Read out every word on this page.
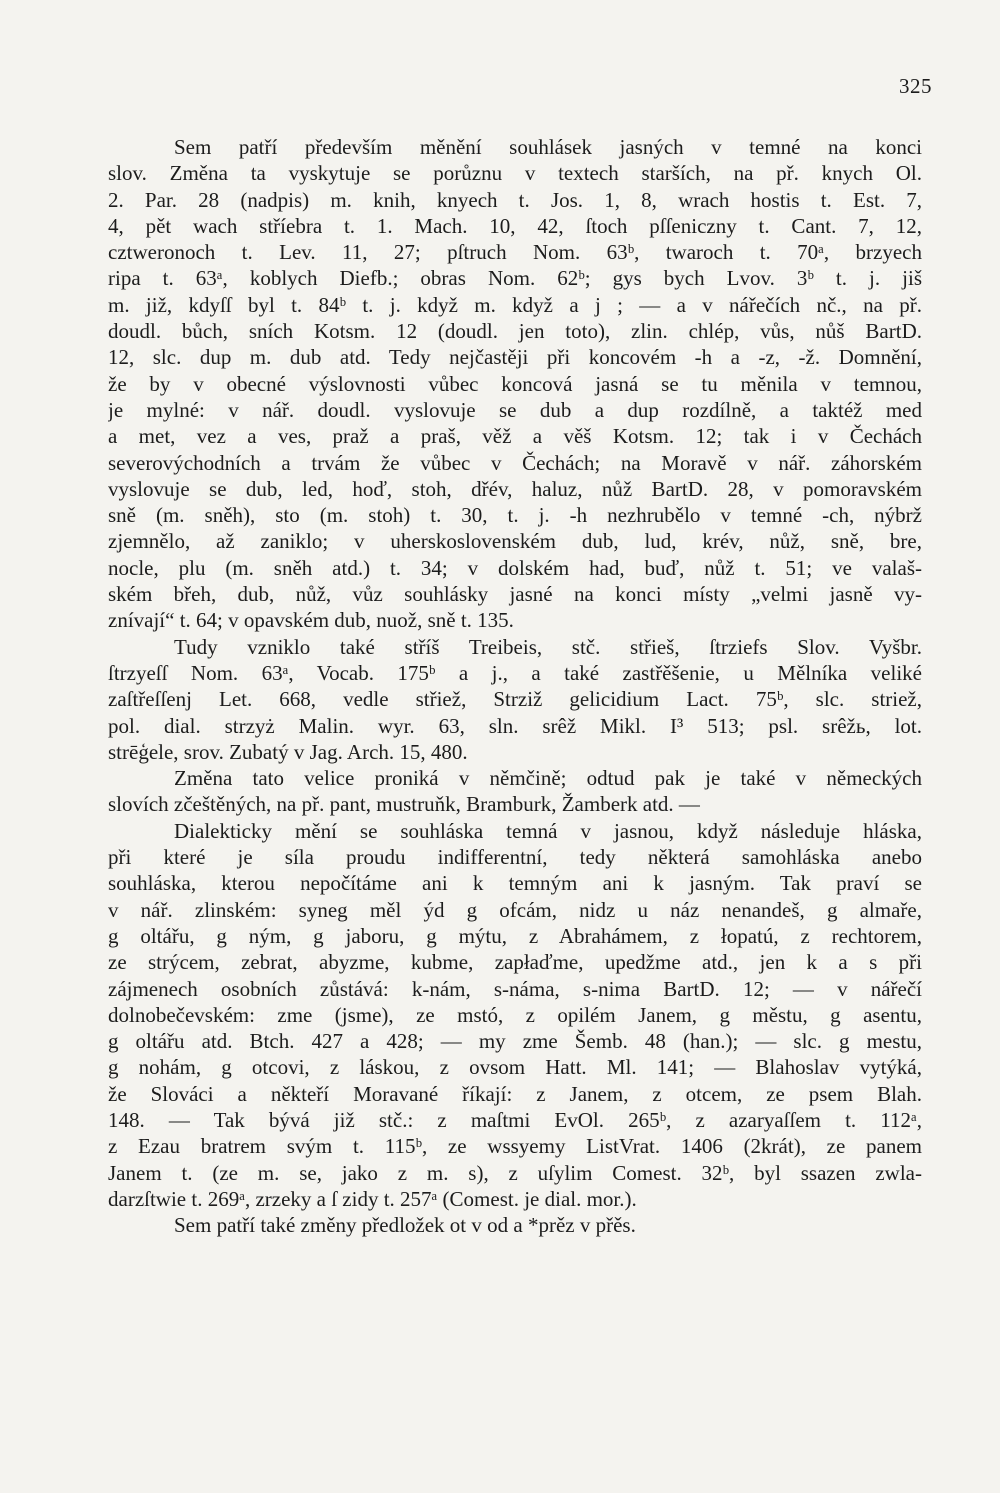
325
Sem patří především měnění souhlásek jasných v temné na konci
slov. Změna ta vyskytuje se porůznu v textech starších, na př. knych Ol.
2. Par. 28 (nadpis) m. knih, knyech t. Jos. 1, 8, wrach hostis t. Est. 7,
4, pět wach stříebra t. 1. Mach. 10, 42, ſtoch pſſeniczny t. Cant. 7, 12,
cztweronoch t. Lev. 11, 27; pſtruch Nom. 63ᵇ, twaroch t. 70ᵃ, brzyech
ripa t. 63ᵃ, koblych Diefb.; obras Nom. 62ᵇ; gys bych Lvov. 3ᵇ t. j. jiš
m. již, kdyſſ byl t. 84ᵇ t. j. když m. když a j ; — a v nářečích nč., na př.
doudl. bůch, sních Kotsm. 12 (doudl. jen toto), zlin. chlép, vůs, nůš BartD.
12, slc. dup m. dub atd. Tedy nejčastěji při koncovém -h a -z, -ž. Domnění,
že by v obecné výslovnosti vůbec koncová jasná se tu měnila v temnou,
je mylné: v nář. doudl. vyslovuje se dub a dup rozdílně, a taktéž med
a met, vez a ves, praž a praš, věž a věš Kotsm. 12; tak i v Čechách
severovýchodních a trvám že vůbec v Čechách; na Moravě v nář. záhorském
vyslovuje se dub, led, hoď, stoh, dřév, haluz, nůž BartD. 28, v pomoravském
sně (m. sněh), sto (m. stoh) t. 30, t. j. -h nezhrubělo v temné -ch, nýbrž
zjemnělo, až zaniklo; v uherskoslovenském dub, lud, krév, nůž, sně, bre,
nocle, plu (m. sněh atd.) t. 34; v dolském had, buď, nůž t. 51; ve valaš-
ském břeh, dub, nůž, vůz souhlásky jasné na konci místy „velmi jasně vy-
znívají“ t. 64; v opavském dub, nuož, sně t. 135.
Tudy vzniklo také stříš Treibeis, stč. střieš, ſtrziefs Slov. Vyšbr.
ſtrzyeſſ Nom. 63ᵃ, Vocab. 175ᵇ a j., a také zastřěšenie, u Mělníka veliké
zaſtřeſſenj Let. 668, vedle střiež, Strziž gelicidium Lact. 75ᵇ, slc. striež,
pol. dial. strzyż Malin. wyr. 63, sln. srêž Mikl. I³ 513; psl. srêžь, lot.
strēģele, srov. Zubatý v Jag. Arch. 15, 480.
Změna tato velice proniká v němčině; odtud pak je také v německých
slovích zčeštěných, na př. pant, mustruňk, Bramburk, Žamberk atd. —
Dialekticky mění se souhláska temná v jasnou, když následuje hláska,
při které je síla proudu indifferentní, tedy některá samohláska anebo
souhláska, kterou nepočítáme ani k temným ani k jasným. Tak praví se
v nář. zlinském: syneg měl ýd g ofcám, nidz u náz nenandeš, g almaře,
g oltářu, g ným, g jaboru, g mýtu, z Abrahámem, z łopatú, z rechtorem,
ze strýcem, zebrat, abyzme, kubme, zapłaďme, upedžme atd., jen k a s při
zájmenech osobních zůstává: k-nám, s-náma, s-nima BartD. 12; — v nářečí
dolnobečevském: zme (jsme), ze mstó, z opilém Janem, g městu, g asentu,
g oltářu atd. Btch. 427 a 428; — my zme Šemb. 48 (han.); — slc. g mestu,
g nohám, g otcovi, z láskou, z ovsom Hatt. Ml. 141; — Blahoslav vytýká,
že Slováci a někteří Moravané říkají: z Janem, z otcem, ze psem Blah.
148. — Tak bývá již stč.: z maſtmi EvOl. 265ᵇ, z azaryaſſem t. 112ᵃ,
z Ezau bratrem svým t. 115ᵇ, ze wssyemy ListVrat. 1406 (2krát), ze panem
Janem t. (ze m. se, jako z m. s), z uſylim Comest. 32ᵇ, byl ssazen zwla-
darzſtwie t. 269ᵃ, zrzeky a ſ zidy t. 257ᵃ (Comest. je dial. mor.).
Sem patří také změny předložek ot v od a *prěz v přěs.
